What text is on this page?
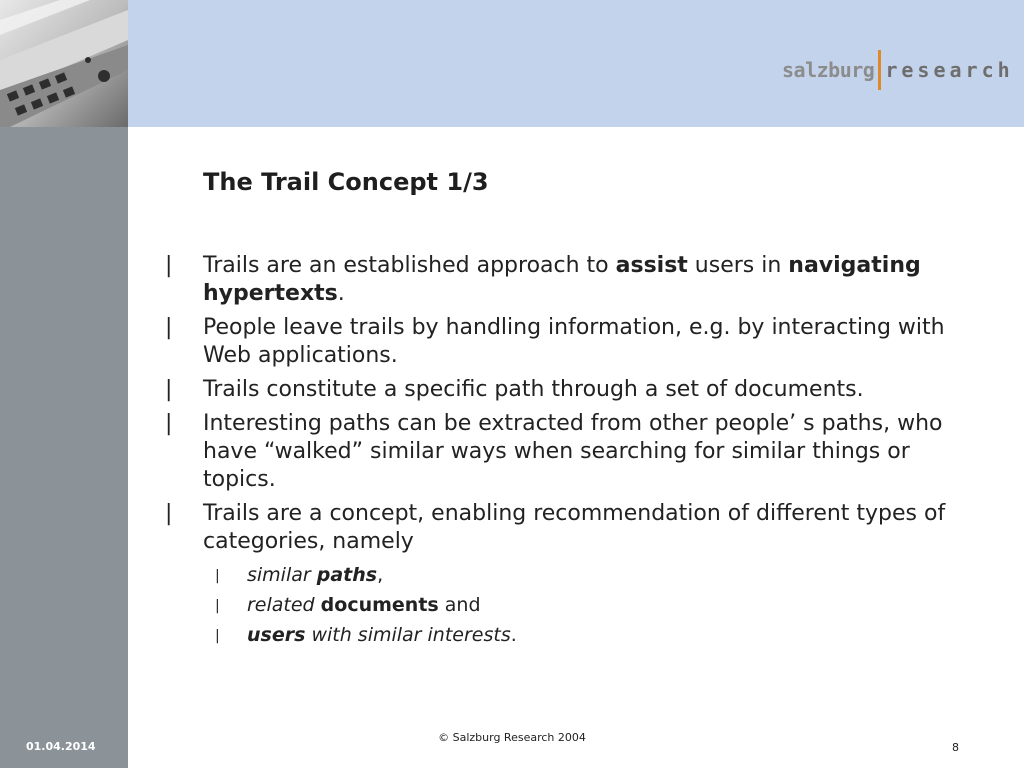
salzburg research
The Trail Concept 1/3
|	Trails are an established approach to assist users in navigating hypertexts.
|	People leave trails by handling information, e.g. by interacting with Web applications.
|	Trails constitute a specific path through a set of documents.
|	Interesting paths can be extracted from other people’ s paths, who have “walked” similar ways when searching for similar things or topics.
|	Trails are a concept, enabling recommendation of different types of categories, namely
| similar paths,
| related documents and
| users with similar interests.
01.04.2014
© Salzburg Research 2004
8
